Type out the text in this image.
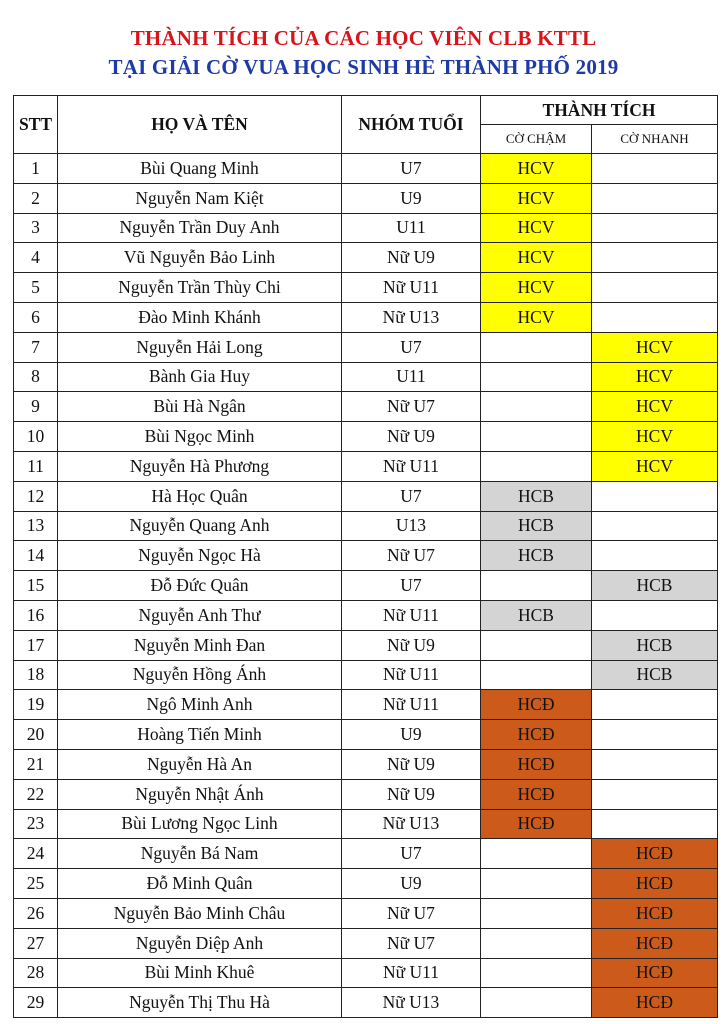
THÀNH TÍCH CỦA CÁC HỌC VIÊN CLB KTTL
TẠI GIẢI CỜ VUA HỌC SINH HÈ THÀNH PHỐ 2019
STT	HỌ VÀ TÊN	NHÓM TUỔI	THÀNH TÍCH	
			CỜ CHẬM	CỜ NHANH
1	Bùi Quang Minh	U7	HCV	
2	Nguyễn Nam Kiệt	U9	HCV	
3	Nguyễn Trần Duy Anh	U11	HCV	
4	Vũ Nguyễn Bảo Linh	Nữ U9	HCV	
5	Nguyễn Trần Thùy Chi	Nữ U11	HCV	
6	Đào Minh Khánh	Nữ U13	HCV	
7	Nguyễn Hải Long	U7		HCV
8	Bành Gia Huy	U11		HCV
9	Bùi Hà Ngân	Nữ U7		HCV
10	Bùi Ngọc Minh	Nữ U9		HCV
11	Nguyễn Hà Phương	Nữ U11		HCV
12	Hà Học Quân	U7	HCB	
13	Nguyễn Quang Anh	U13	HCB	
14	Nguyễn Ngọc Hà	Nữ U7	HCB	
15	Đỗ Đức Quân	U7		HCB
16	Nguyễn Anh Thư	Nữ U11	HCB	
17	Nguyễn Minh Đan	Nữ U9		HCB
18	Nguyễn Hồng Ánh	Nữ U11		HCB
19	Ngô Minh Anh	Nữ U11	HCĐ	
20	Hoàng Tiến Minh	U9	HCĐ	
21	Nguyễn Hà An	Nữ U9	HCĐ	
22	Nguyễn Nhật Ánh	Nữ U9	HCĐ	
23	Bùi Lương Ngọc Linh	Nữ U13	HCĐ	
24	Nguyễn Bá Nam	U7		HCĐ
25	Đỗ Minh Quân	U9		HCĐ
26	Nguyễn Bảo Minh Châu	Nữ U7		HCĐ
27	Nguyễn Diệp Anh	Nữ U7		HCĐ
28	Bùi Minh Khuê	Nữ U11		HCĐ
29	Nguyễn Thị Thu Hà	Nữ U13		HCĐ
